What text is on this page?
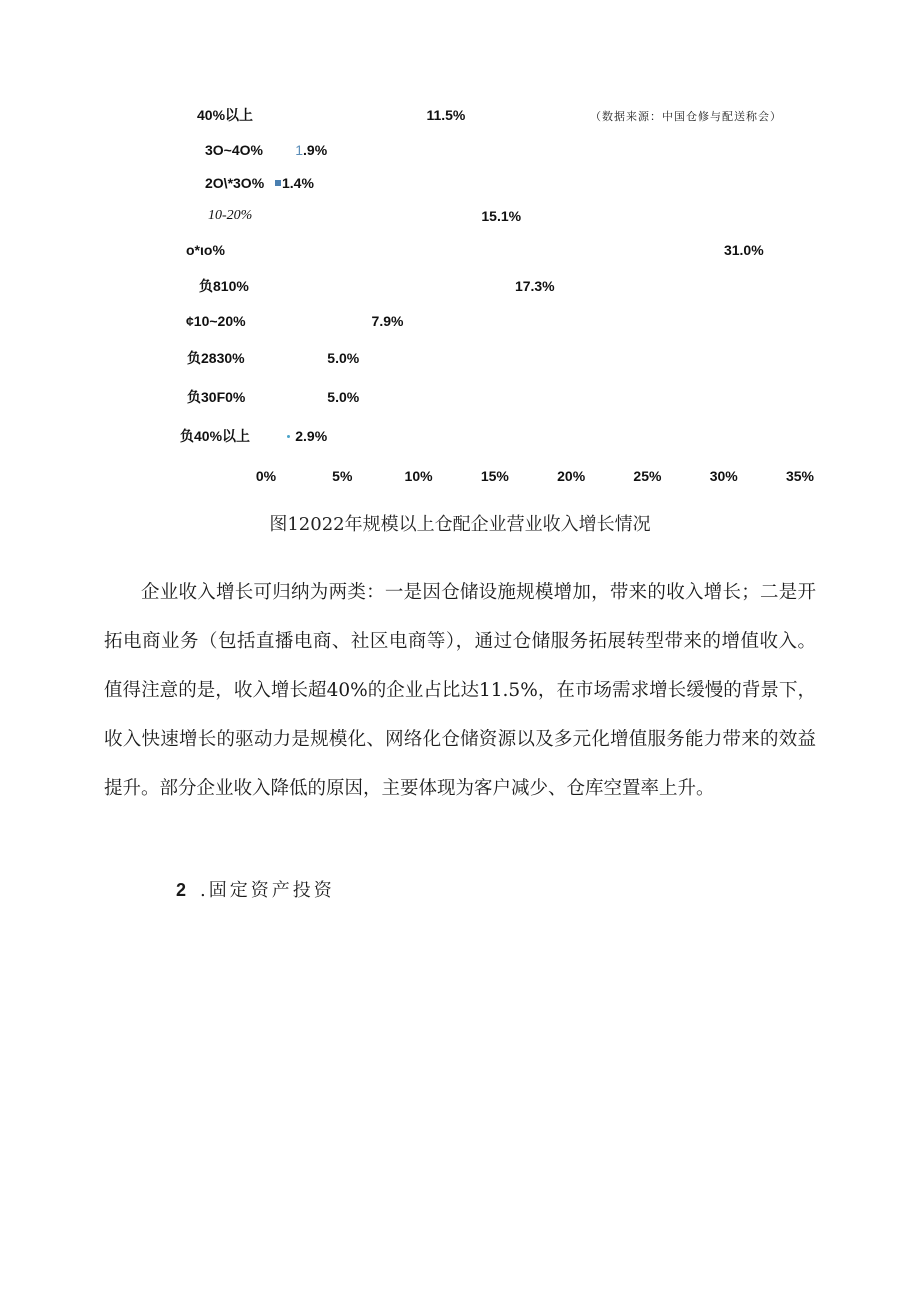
0%	5%	10%	15%	20%	25%	30%	35%
40%以上	11.5%
3O~4O% 1.9%
2O\*3O% 1.4%
10-20%	15.1%
o*ιo%	31.0%
负810%	17.3%
¢10~20%	7.9%
负2830%	5.0%
负30F0%	5.0%
负40%以上	2.9%
（数据来源：中国仓修与配送称会）
图12022年规模以上仓配企业营业收入增长情况

企业收入增长可归纳为两类：一是因仓储设施规模增加，带来的收入增长；二是开拓电商业务（包括直播电商、社区电商等），通过仓储服务拓展转型带来的增值收入。值得注意的是，收入增长超40%的企业占比达11.5%，在市场需求增长缓慢的背景下，收入快速增长的驱动力是规模化、网络化仓储资源以及多元化增值服务能力带来的效益提升。部分企业收入降低的原因，主要体现为客户减少、仓库空置率上升。

2 .固定资产投资
